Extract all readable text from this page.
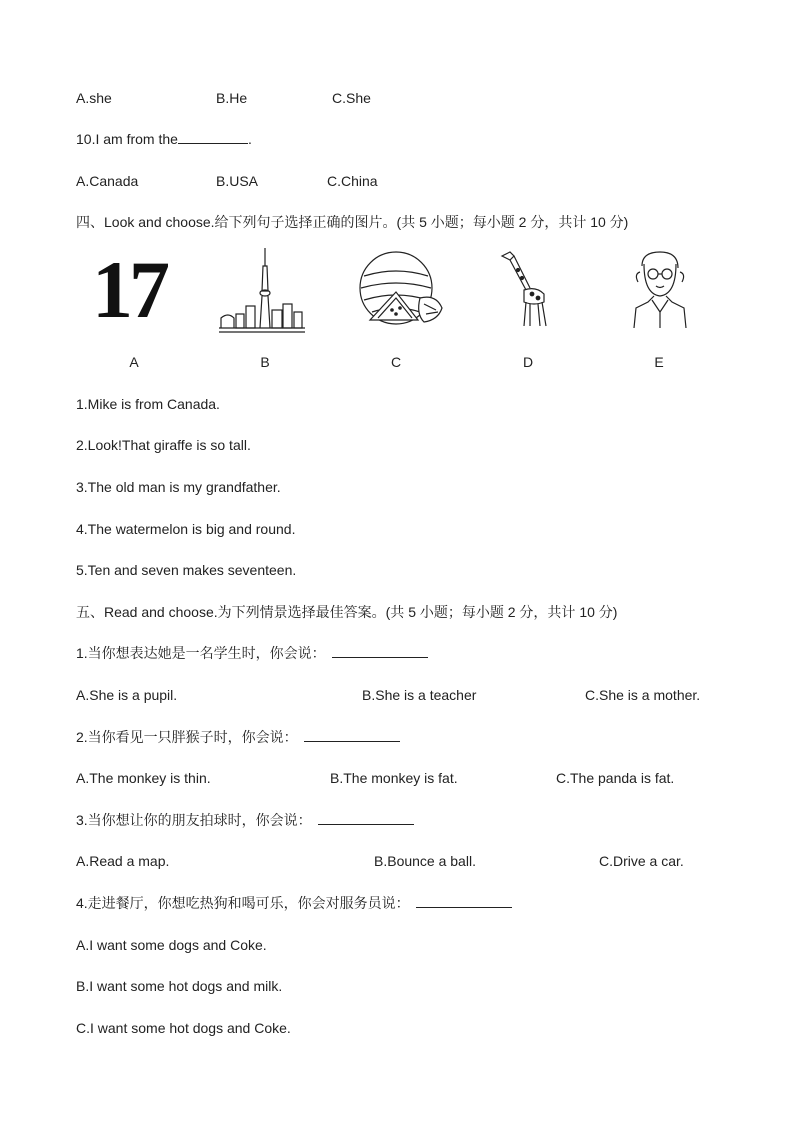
A.she	B.He	C.She
10.I am from the	.
A.Canada	B.USA	C.China
四、Look and choose.给下列句子选择正确的图片。(共 5 小题；每小题 2 分，共计 10 分)
17
A	B	C	D	E
1.Mike is from Canada.
2.Look!That giraffe is so tall.
3.The old man is my grandfather.
4.The watermelon is big and round.
5.Ten and seven makes seventeen.
五、Read and choose.为下列情景选择最佳答案。(共 5 小题；每小题 2 分，共计 10 分)
1.当你想表达她是一名学生时，你会说：
A.She is a pupil.	B.She is a teacher	C.She is a mother.
2.当你看见一只胖猴子时，你会说：
A.The monkey is thin.	B.The monkey is fat.	C.The panda is fat.
3.当你想让你的朋友拍球时，你会说：
A.Read a map.	B.Bounce a ball.	C.Drive a car.
4.走进餐厅，你想吃热狗和喝可乐，你会对服务员说：
A.I want some dogs and Coke.
B.I want some hot dogs and milk.
C.I want some hot dogs and Coke.
